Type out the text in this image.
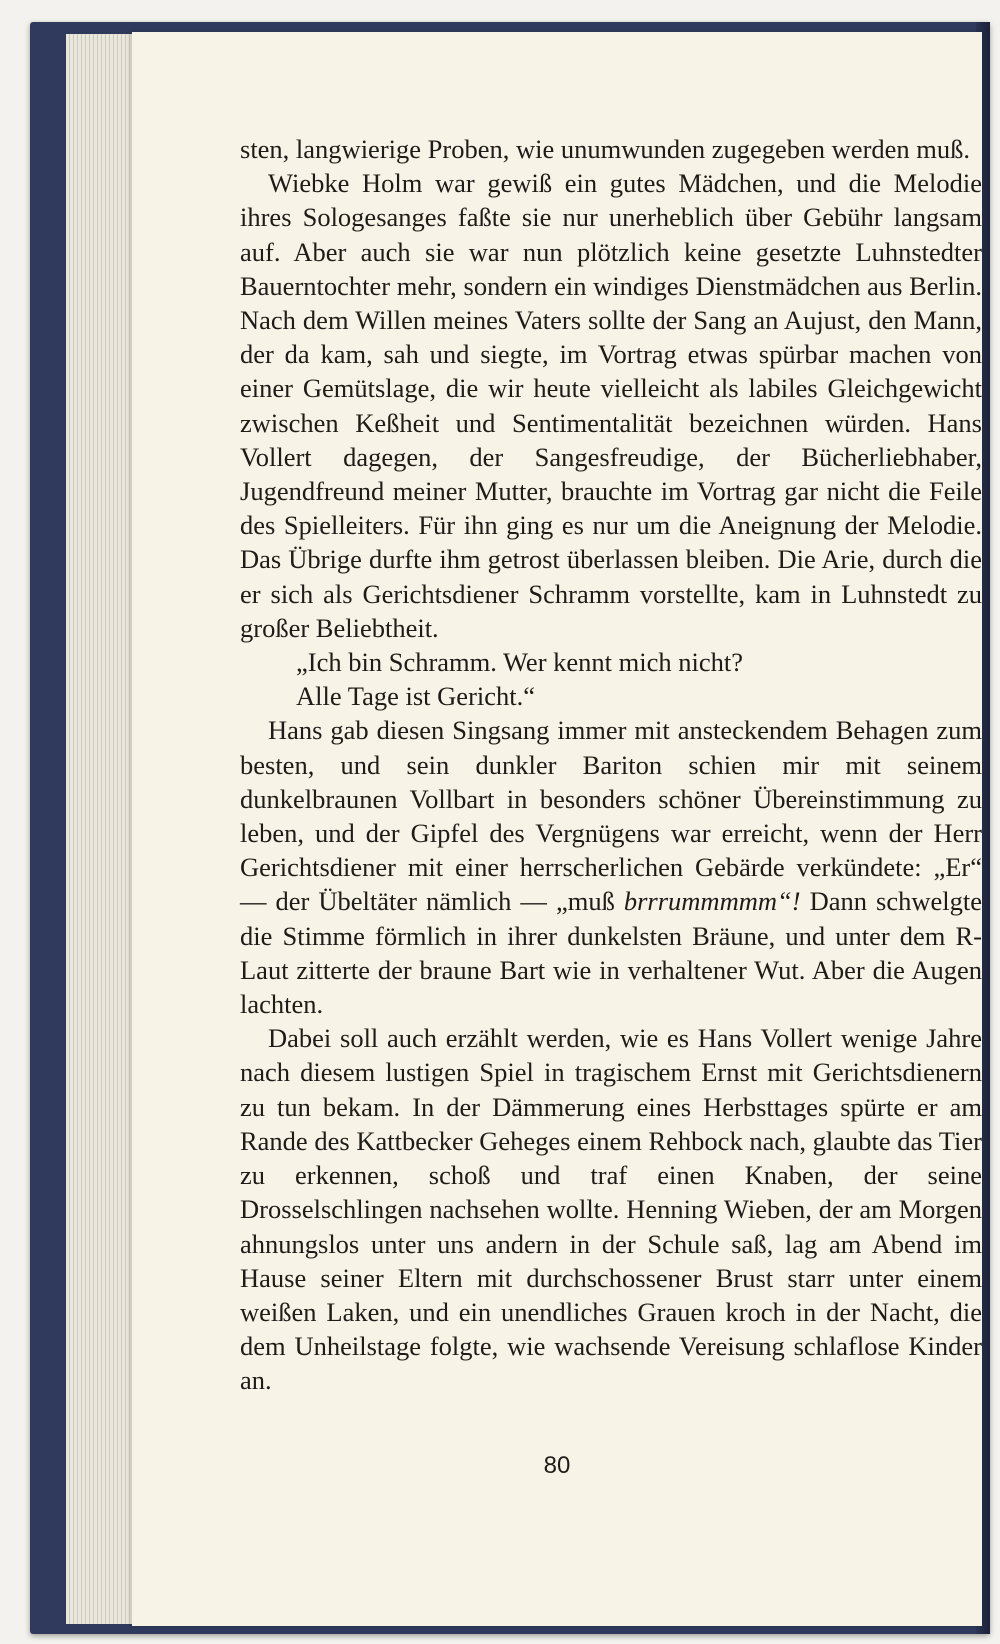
sten, langwierige Proben, wie unumwunden zugegeben werden muß.

Wiebke Holm war gewiß ein gutes Mädchen, und die Melodie ihres Sologesanges faßte sie nur unerheblich über Gebühr langsam auf. Aber auch sie war nun plötzlich keine gesetzte Luhnstedter Bauerntochter mehr, sondern ein windiges Dienstmädchen aus Berlin. Nach dem Willen meines Vaters sollte der Sang an Aujust, den Mann, der da kam, sah und siegte, im Vortrag etwas spürbar machen von einer Gemütslage, die wir heute vielleicht als labiles Gleichgewicht zwischen Keßheit und Sentimentalität bezeichnen würden. Hans Vollert dagegen, der Sangesfreudige, der Bücherliebhaber, Jugendfreund meiner Mutter, brauchte im Vortrag gar nicht die Feile des Spielleiters. Für ihn ging es nur um die Aneignung der Melodie. Das Übrige durfte ihm getrost überlassen bleiben. Die Arie, durch die er sich als Gerichtsdiener Schramm vorstellte, kam in Luhnstedt zu großer Beliebtheit.

„Ich bin Schramm. Wer kennt mich nicht?

Alle Tage ist Gericht.“

Hans gab diesen Singsang immer mit ansteckendem Behagen zum besten, und sein dunkler Bariton schien mir mit seinem dunkelbraunen Vollbart in besonders schöner Übereinstimmung zu leben, und der Gipfel des Vergnügens war erreicht, wenn der Herr Gerichtsdiener mit einer herrscherlichen Gebärde verkündete: „Er“ — der Übeltäter nämlich — „muß brrrummmmm“! Dann schwelgte die Stimme förmlich in ihrer dunkelsten Bräune, und unter dem R-Laut zitterte der braune Bart wie in verhaltener Wut. Aber die Augen lachten.

Dabei soll auch erzählt werden, wie es Hans Vollert wenige Jahre nach diesem lustigen Spiel in tragischem Ernst mit Gerichtsdienern zu tun bekam. In der Dämmerung eines Herbsttages spürte er am Rande des Kattbecker Geheges einem Rehbock nach, glaubte das Tier zu erkennen, schoß und traf einen Knaben, der seine Drosselschlingen nachsehen wollte. Henning Wieben, der am Morgen ahnungslos unter uns andern in der Schule saß, lag am Abend im Hause seiner Eltern mit durchschossener Brust starr unter einem weißen Laken, und ein unendliches Grauen kroch in der Nacht, die dem Unheilstage folgte, wie wachsende Vereisung schlaflose Kinder an.

80
